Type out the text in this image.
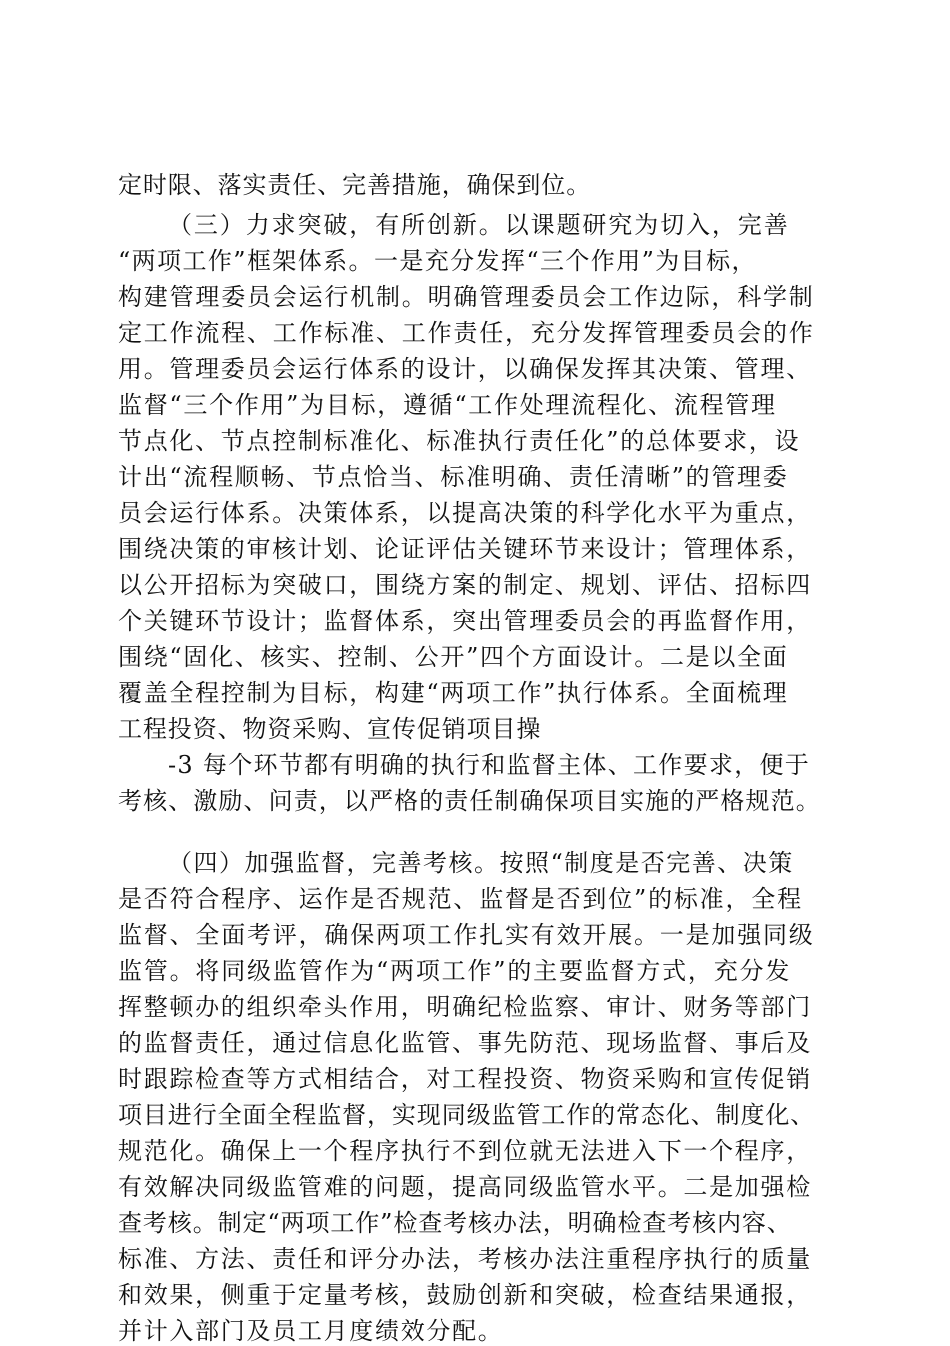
定时限、落实责任、完善措施，确保到位。
（三）力求突破，有所创新。以课题研究为切入，完善
“两项工作”框架体系。一是充分发挥“三个作用”为目标，
构建管理委员会运行机制。明确管理委员会工作边际，科学制
定工作流程、工作标准、工作责任，充分发挥管理委员会的作
用。管理委员会运行体系的设计，以确保发挥其决策、管理、
监督“三个作用”为目标，遵循“工作处理流程化、流程管理
节点化、节点控制标准化、标准执行责任化”的总体要求，设
计出“流程顺畅、节点恰当、标准明确、责任清晰”的管理委
员会运行体系。决策体系，以提高决策的科学化水平为重点，
围绕决策的审核计划、论证评估关键环节来设计；管理体系，
以公开招标为突破口，围绕方案的制定、规划、评估、招标四
个关键环节设计；监督体系，突出管理委员会的再监督作用，
围绕“固化、核实、控制、公开”四个方面设计。二是以全面
覆盖全程控制为目标，构建“两项工作”执行体系。全面梳理
工程投资、物资采购、宣传促销项目操
-3 每个环节都有明确的执行和监督主体、工作要求，便于
考核、激励、问责，以严格的责任制确保项目实施的严格规范。
（四）加强监督，完善考核。按照“制度是否完善、决策
是否符合程序、运作是否规范、监督是否到位”的标准，全程
监督、全面考评，确保两项工作扎实有效开展。一是加强同级
监管。将同级监管作为“两项工作”的主要监督方式，充分发
挥整顿办的组织牵头作用，明确纪检监察、审计、财务等部门
的监督责任，通过信息化监管、事先防范、现场监督、事后及
时跟踪检查等方式相结合，对工程投资、物资采购和宣传促销
项目进行全面全程监督，实现同级监管工作的常态化、制度化、
规范化。确保上一个程序执行不到位就无法进入下一个程序，
有效解决同级监管难的问题，提高同级监管水平。二是加强检
查考核。制定“两项工作”检查考核办法，明确检查考核内容、
标准、方法、责任和评分办法，考核办法注重程序执行的质量
和效果，侧重于定量考核，鼓励创新和突破，检查结果通报，
并计入部门及员工月度绩效分配。
